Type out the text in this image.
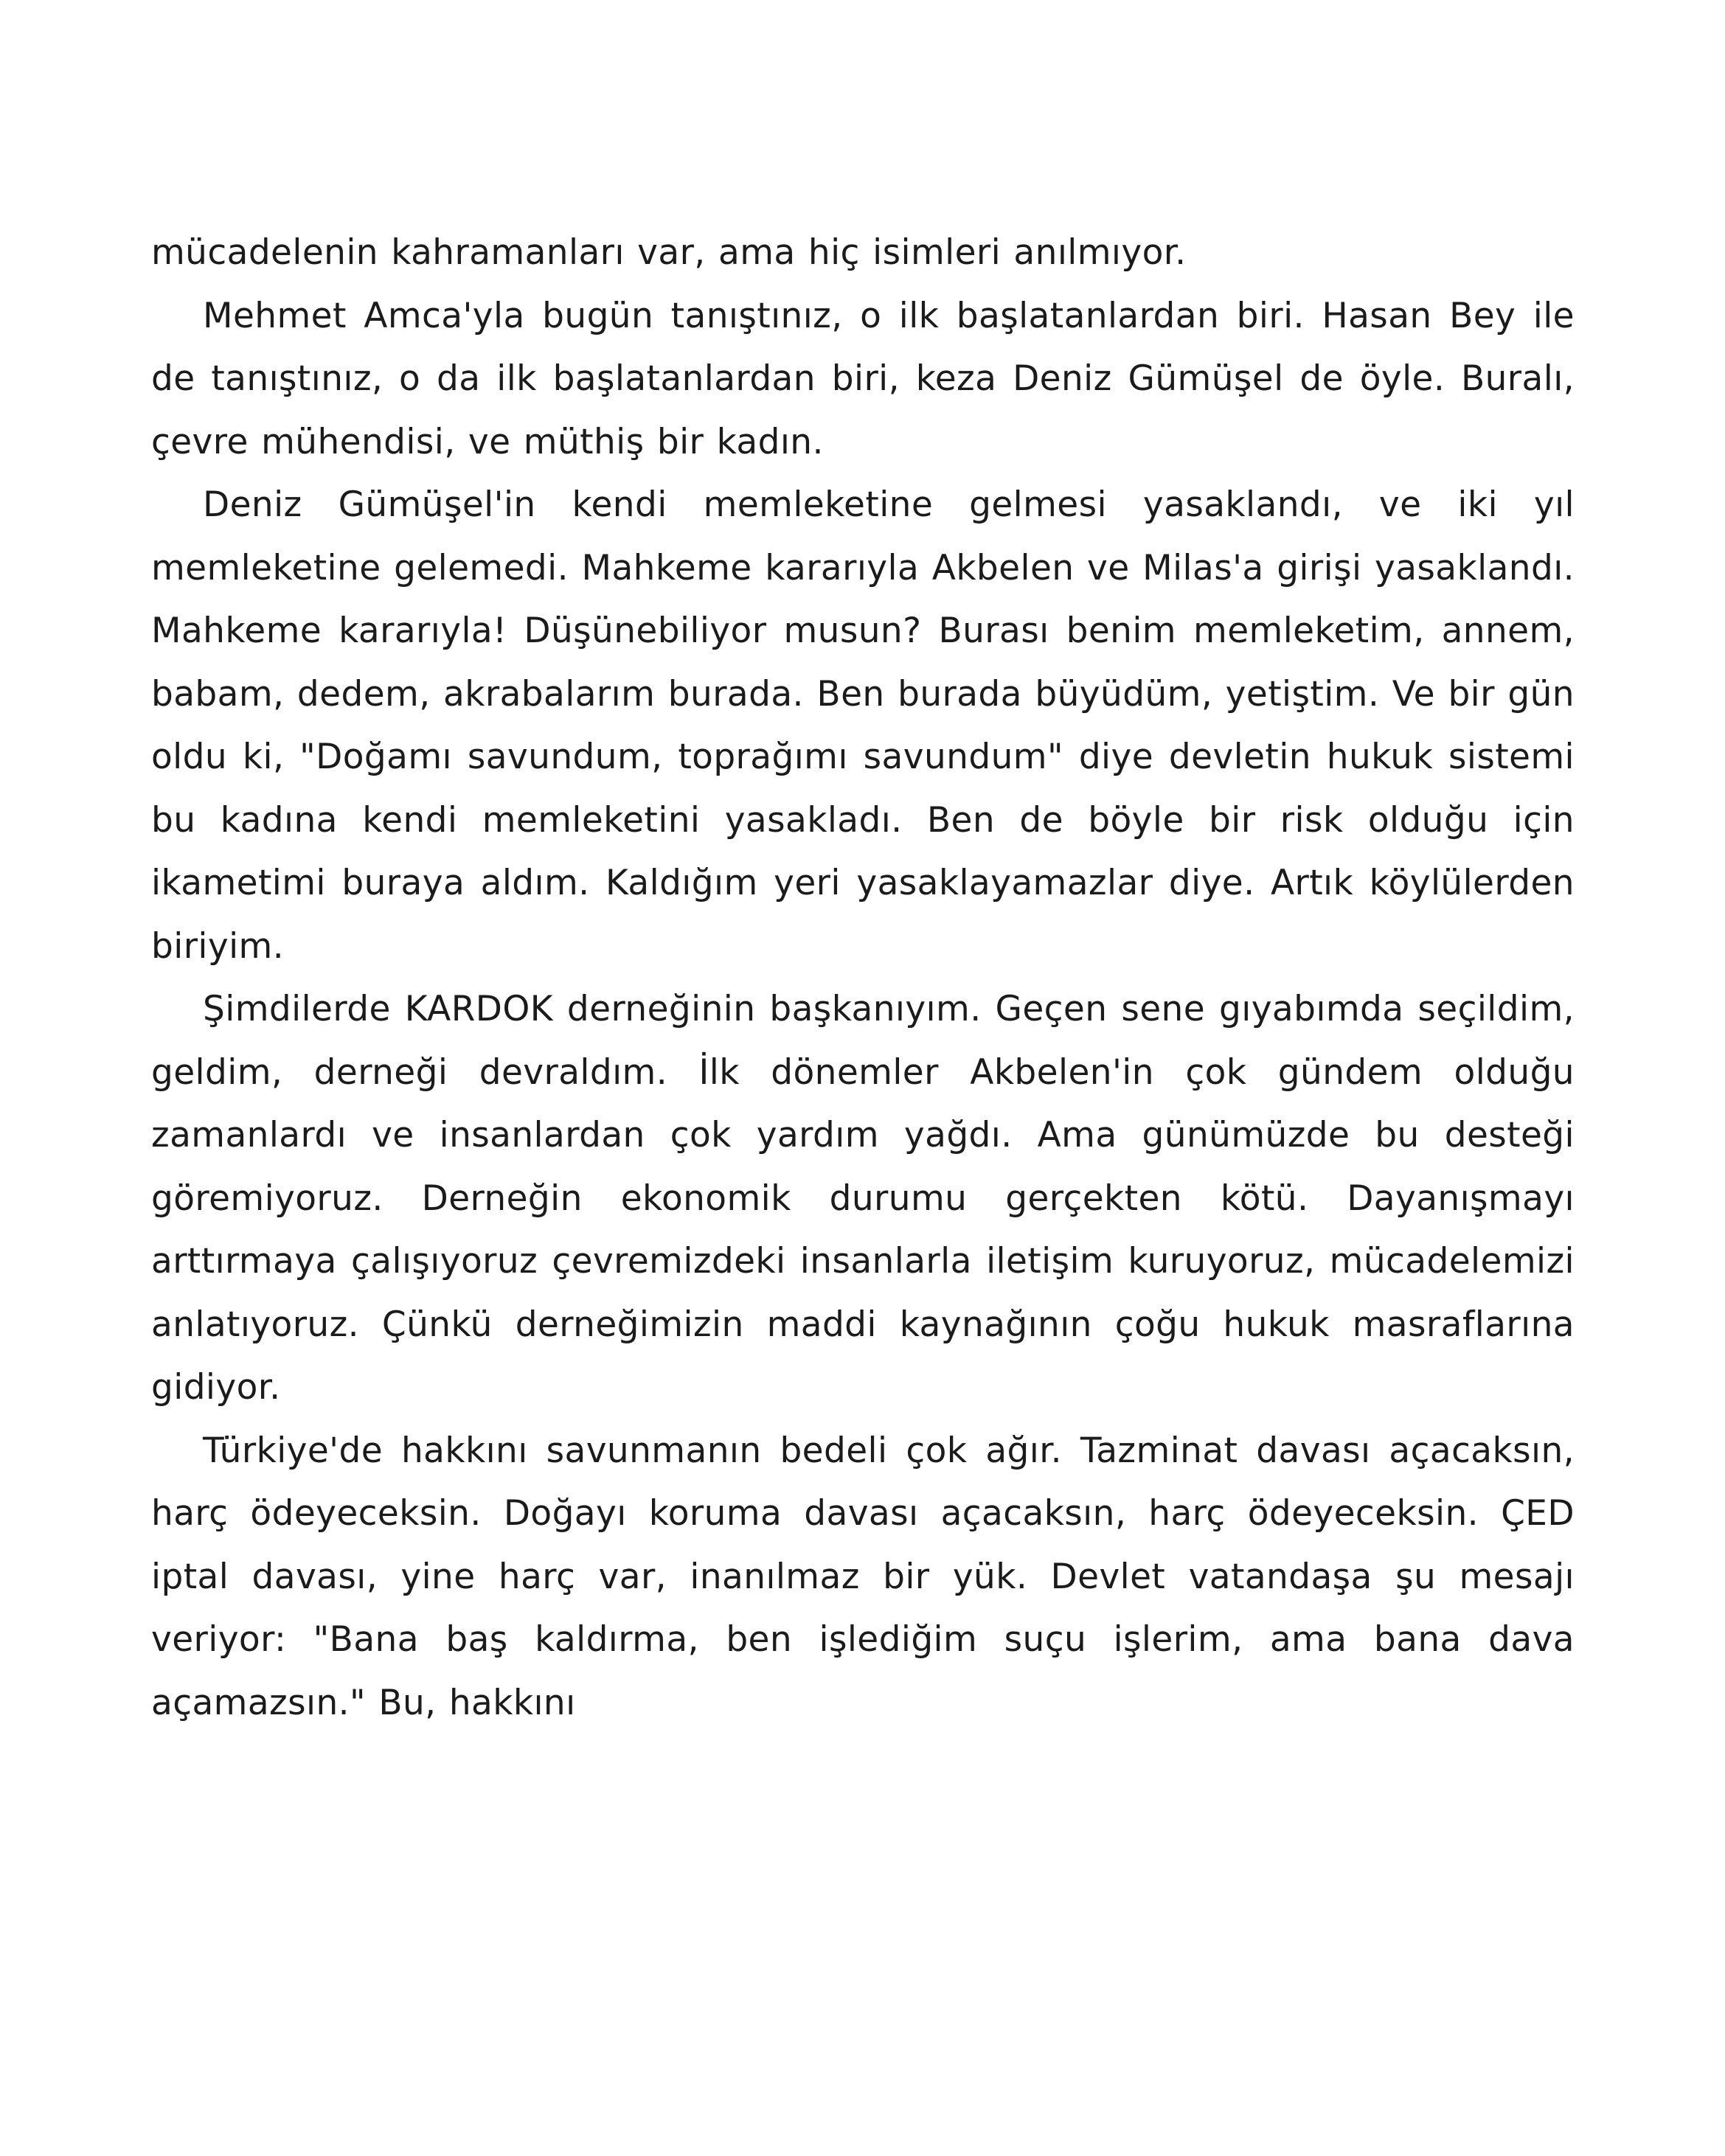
mücadelenin kahramanları var, ama hiç isimleri anılmıyor.

Mehmet Amca'yla bugün tanıştınız, o ilk başlatanlardan biri. Hasan Bey ile de tanıştınız, o da ilk başlatanlardan biri, keza Deniz Gümüşel de öyle. Buralı, çevre mühendisi, ve müthiş bir kadın.

Deniz Gümüşel'in kendi memleketine gelmesi yasaklandı, ve iki yıl memleketine gelemedi. Mahkeme kararıyla Akbelen ve Milas'a girişi yasaklandı. Mahkeme kararıyla! Düşünebiliyor musun? Burası benim memleketim, annem, babam, dedem, akrabalarım burada. Ben burada büyüdüm, yetiştim. Ve bir gün oldu ki, "Doğamı savundum, toprağımı savundum" diye devletin hukuk sistemi bu kadına kendi memleketini yasakladı. Ben de böyle bir risk olduğu için ikametimi buraya aldım. Kaldığım yeri yasaklayamazlar diye. Artık köylülerden biriyim.

Şimdilerde KARDOK derneğinin başkanıyım. Geçen sene gıyabımda seçildim, geldim, derneği devraldım. İlk dönemler Akbelen'in çok gündem olduğu zamanlardı ve insanlardan çok yardım yağdı. Ama günümüzde bu desteği göremiyoruz. Derneğin ekonomik durumu gerçekten kötü. Dayanışmayı arttırmaya çalışıyoruz çevremizdeki insanlarla iletişim kuruyoruz, mücadelemizi anlatıyoruz. Çünkü derneğimizin maddi kaynağının çoğu hukuk masraflarına gidiyor.

Türkiye'de hakkını savunmanın bedeli çok ağır. Tazminat davası açacaksın, harç ödeyeceksin. Doğayı koruma davası açacaksın, harç ödeyeceksin. ÇED iptal davası, yine harç var, inanılmaz bir yük. Devlet vatandaşa şu mesajı veriyor: "Bana baş kaldırma, ben işlediğim suçu işlerim, ama bana dava açamazsın." Bu, hakkını
